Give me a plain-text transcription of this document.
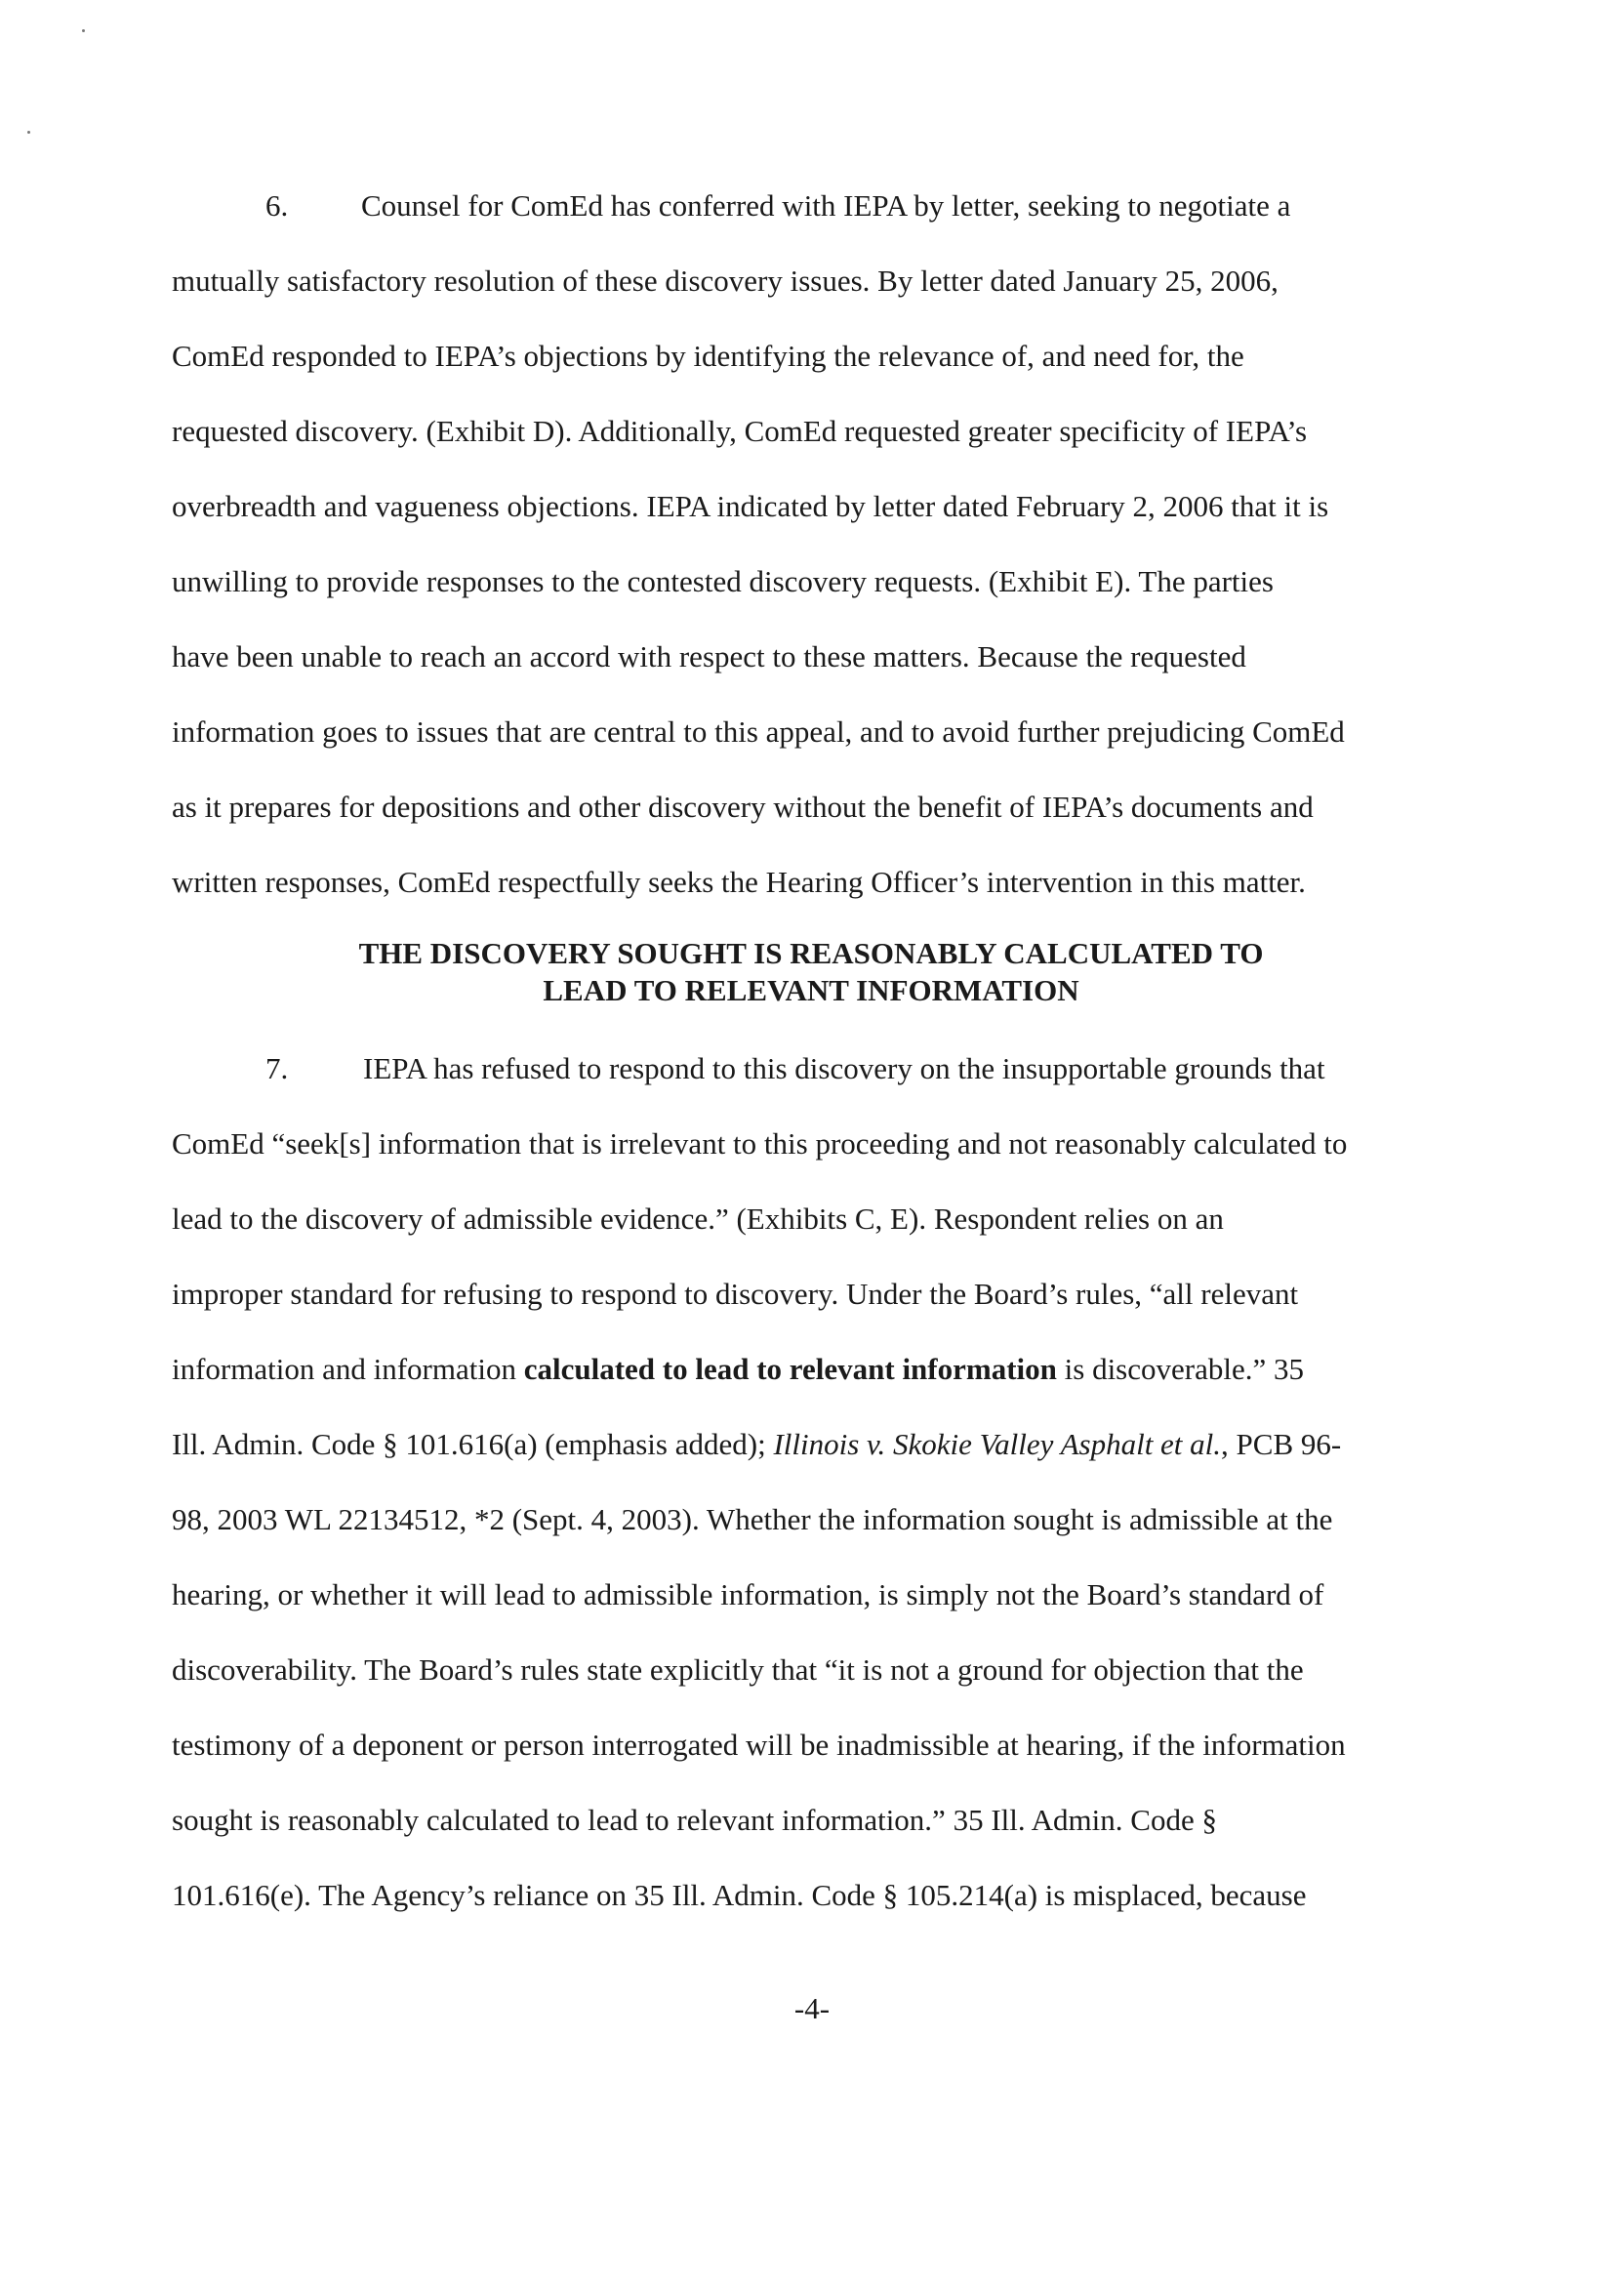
6. Counsel for ComEd has conferred with IEPA by letter, seeking to negotiate a
mutually satisfactory resolution of these discovery issues. By letter dated January 25, 2006,
ComEd responded to IEPA’s objections by identifying the relevance of, and need for, the
requested discovery. (Exhibit D). Additionally, ComEd requested greater specificity of IEPA’s
overbreadth and vagueness objections. IEPA indicated by letter dated February 2, 2006 that it is
unwilling to provide responses to the contested discovery requests. (Exhibit E). The parties
have been unable to reach an accord with respect to these matters. Because the requested
information goes to issues that are central to this appeal, and to avoid further prejudicing ComEd
as it prepares for depositions and other discovery without the benefit of IEPA’s documents and
written responses, ComEd respectfully seeks the Hearing Officer’s intervention in this matter.
THE DISCOVERY SOUGHT IS REASONABLY CALCULATED TO
LEAD TO RELEVANT INFORMATION
7. IEPA has refused to respond to this discovery on the insupportable grounds that
ComEd “seek[s] information that is irrelevant to this proceeding and not reasonably calculated to
lead to the discovery of admissible evidence.” (Exhibits C, E). Respondent relies on an
improper standard for refusing to respond to discovery. Under the Board’s rules, “all relevant
information and information calculated to lead to relevant information is discoverable.” 35
Ill. Admin. Code § 101.616(a) (emphasis added); Illinois v. Skokie Valley Asphalt et al., PCB 96-
98, 2003 WL 22134512, *2 (Sept. 4, 2003). Whether the information sought is admissible at the
hearing, or whether it will lead to admissible information, is simply not the Board’s standard of
discoverability. The Board’s rules state explicitly that “it is not a ground for objection that the
testimony of a deponent or person interrogated will be inadmissible at hearing, if the information
sought is reasonably calculated to lead to relevant information.” 35 Ill. Admin. Code §
101.616(e). The Agency’s reliance on 35 Ill. Admin. Code § 105.214(a) is misplaced, because
-4-
